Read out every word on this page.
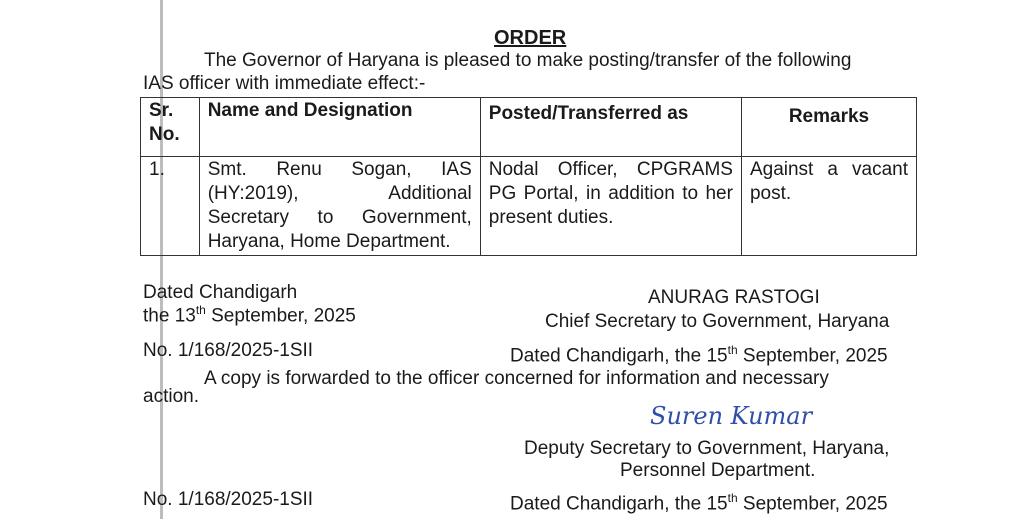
ORDER
The Governor of Haryana is pleased to make posting/transfer of the following
IAS officer with immediate effect:-
Sr. No.	Name and Designation	Posted/Transferred as	Remarks
1.	Smt. Renu Sogan, IAS (HY:2019), Additional Secretary to Government, Haryana, Home Department.	Nodal Officer, CPGRAMS PG Portal, in addition to her present duties.	Against a vacant post.
Dated Chandigarh
the 13th September, 2025
ANURAG RASTOGI
Chief Secretary to Government, Haryana
No. 1/168/2025-1SII	Dated Chandigarh, the 15th September, 2025
A copy is forwarded to the officer concerned for information and necessary
action.
Suren Kumar
Deputy Secretary to Government, Haryana,
Personnel Department.
No. 1/168/2025-1SII	Dated Chandigarh, the 15th September, 2025
